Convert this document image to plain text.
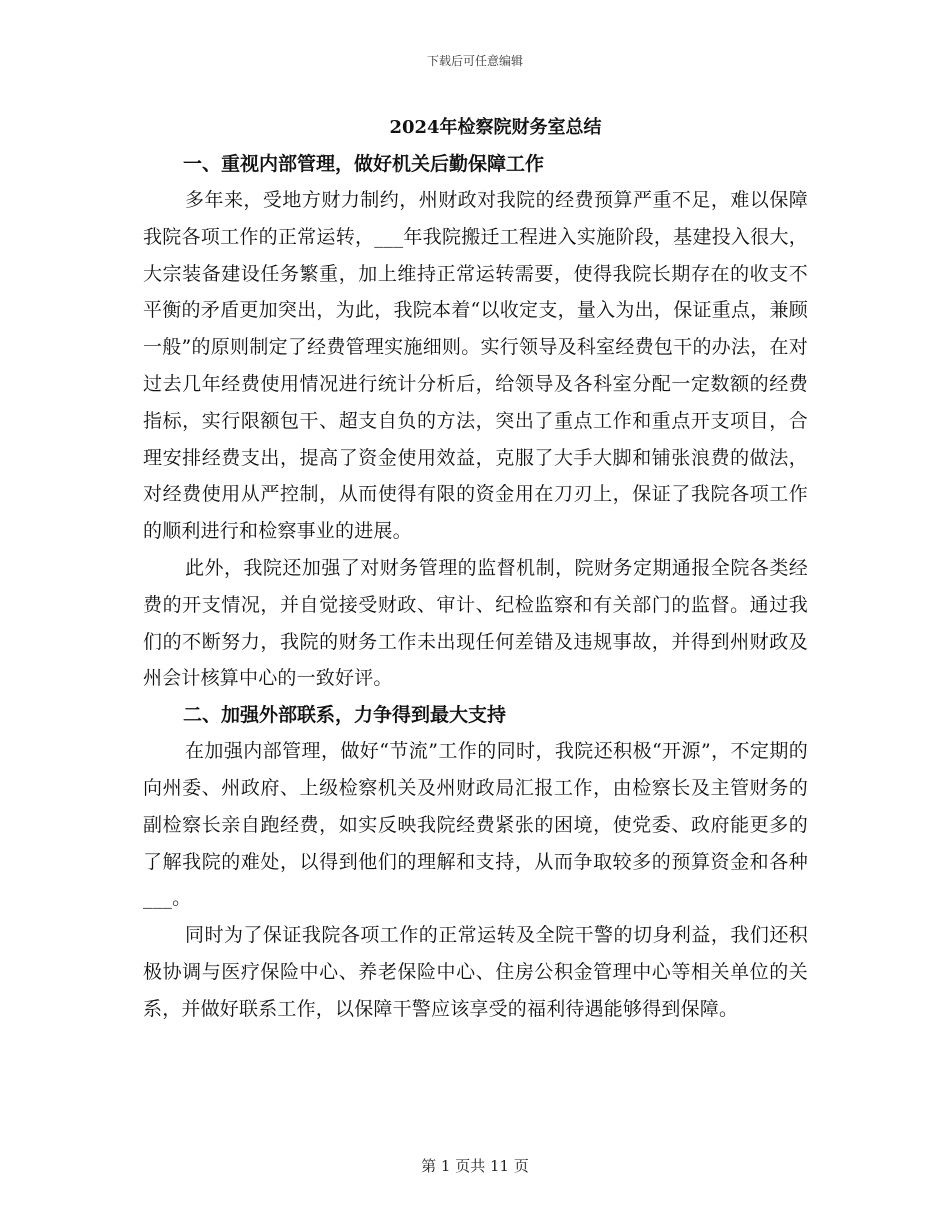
下载后可任意编辑
2024年检察院财务室总结
一、重视内部管理，做好机关后勤保障工作

多年来，受地方财力制约，州财政对我院的经费预算严重不足，难以保障我院各项工作的正常运转，___年我院搬迁工程进入实施阶段，基建投入很大，大宗装备建设任务繁重，加上维持正常运转需要，使得我院长期存在的收支不平衡的矛盾更加突出，为此，我院本着“以收定支，量入为出，保证重点，兼顾一般”的原则制定了经费管理实施细则。实行领导及科室经费包干的办法，在对过去几年经费使用情况进行统计分析后，给领导及各科室分配一定数额的经费指标，实行限额包干、超支自负的方法，突出了重点工作和重点开支项目，合理安排经费支出，提高了资金使用效益，克服了大手大脚和铺张浪费的做法，对经费使用从严控制，从而使得有限的资金用在刀刃上，保证了我院各项工作的顺利进行和检察事业的进展。

此外，我院还加强了对财务管理的监督机制，院财务定期通报全院各类经费的开支情况，并自觉接受财政、审计、纪检监察和有关部门的监督。通过我们的不断努力，我院的财务工作未出现任何差错及违规事故，并得到州财政及州会计核算中心的一致好评。

二、加强外部联系，力争得到最大支持

在加强内部管理，做好“节流”工作的同时，我院还积极“开源”，不定期的向州委、州政府、上级检察机关及州财政局汇报工作，由检察长及主管财务的副检察长亲自跑经费，如实反映我院经费紧张的困境，使党委、政府能更多的了解我院的难处，以得到他们的理解和支持，从而争取较多的预算资金和各种___。

同时为了保证我院各项工作的正常运转及全院干警的切身利益，我们还积极协调与医疗保险中心、养老保险中心、住房公积金管理中心等相关单位的关系，并做好联系工作，以保障干警应该享受的福利待遇能够得到保障。

第 1 页共 11 页
